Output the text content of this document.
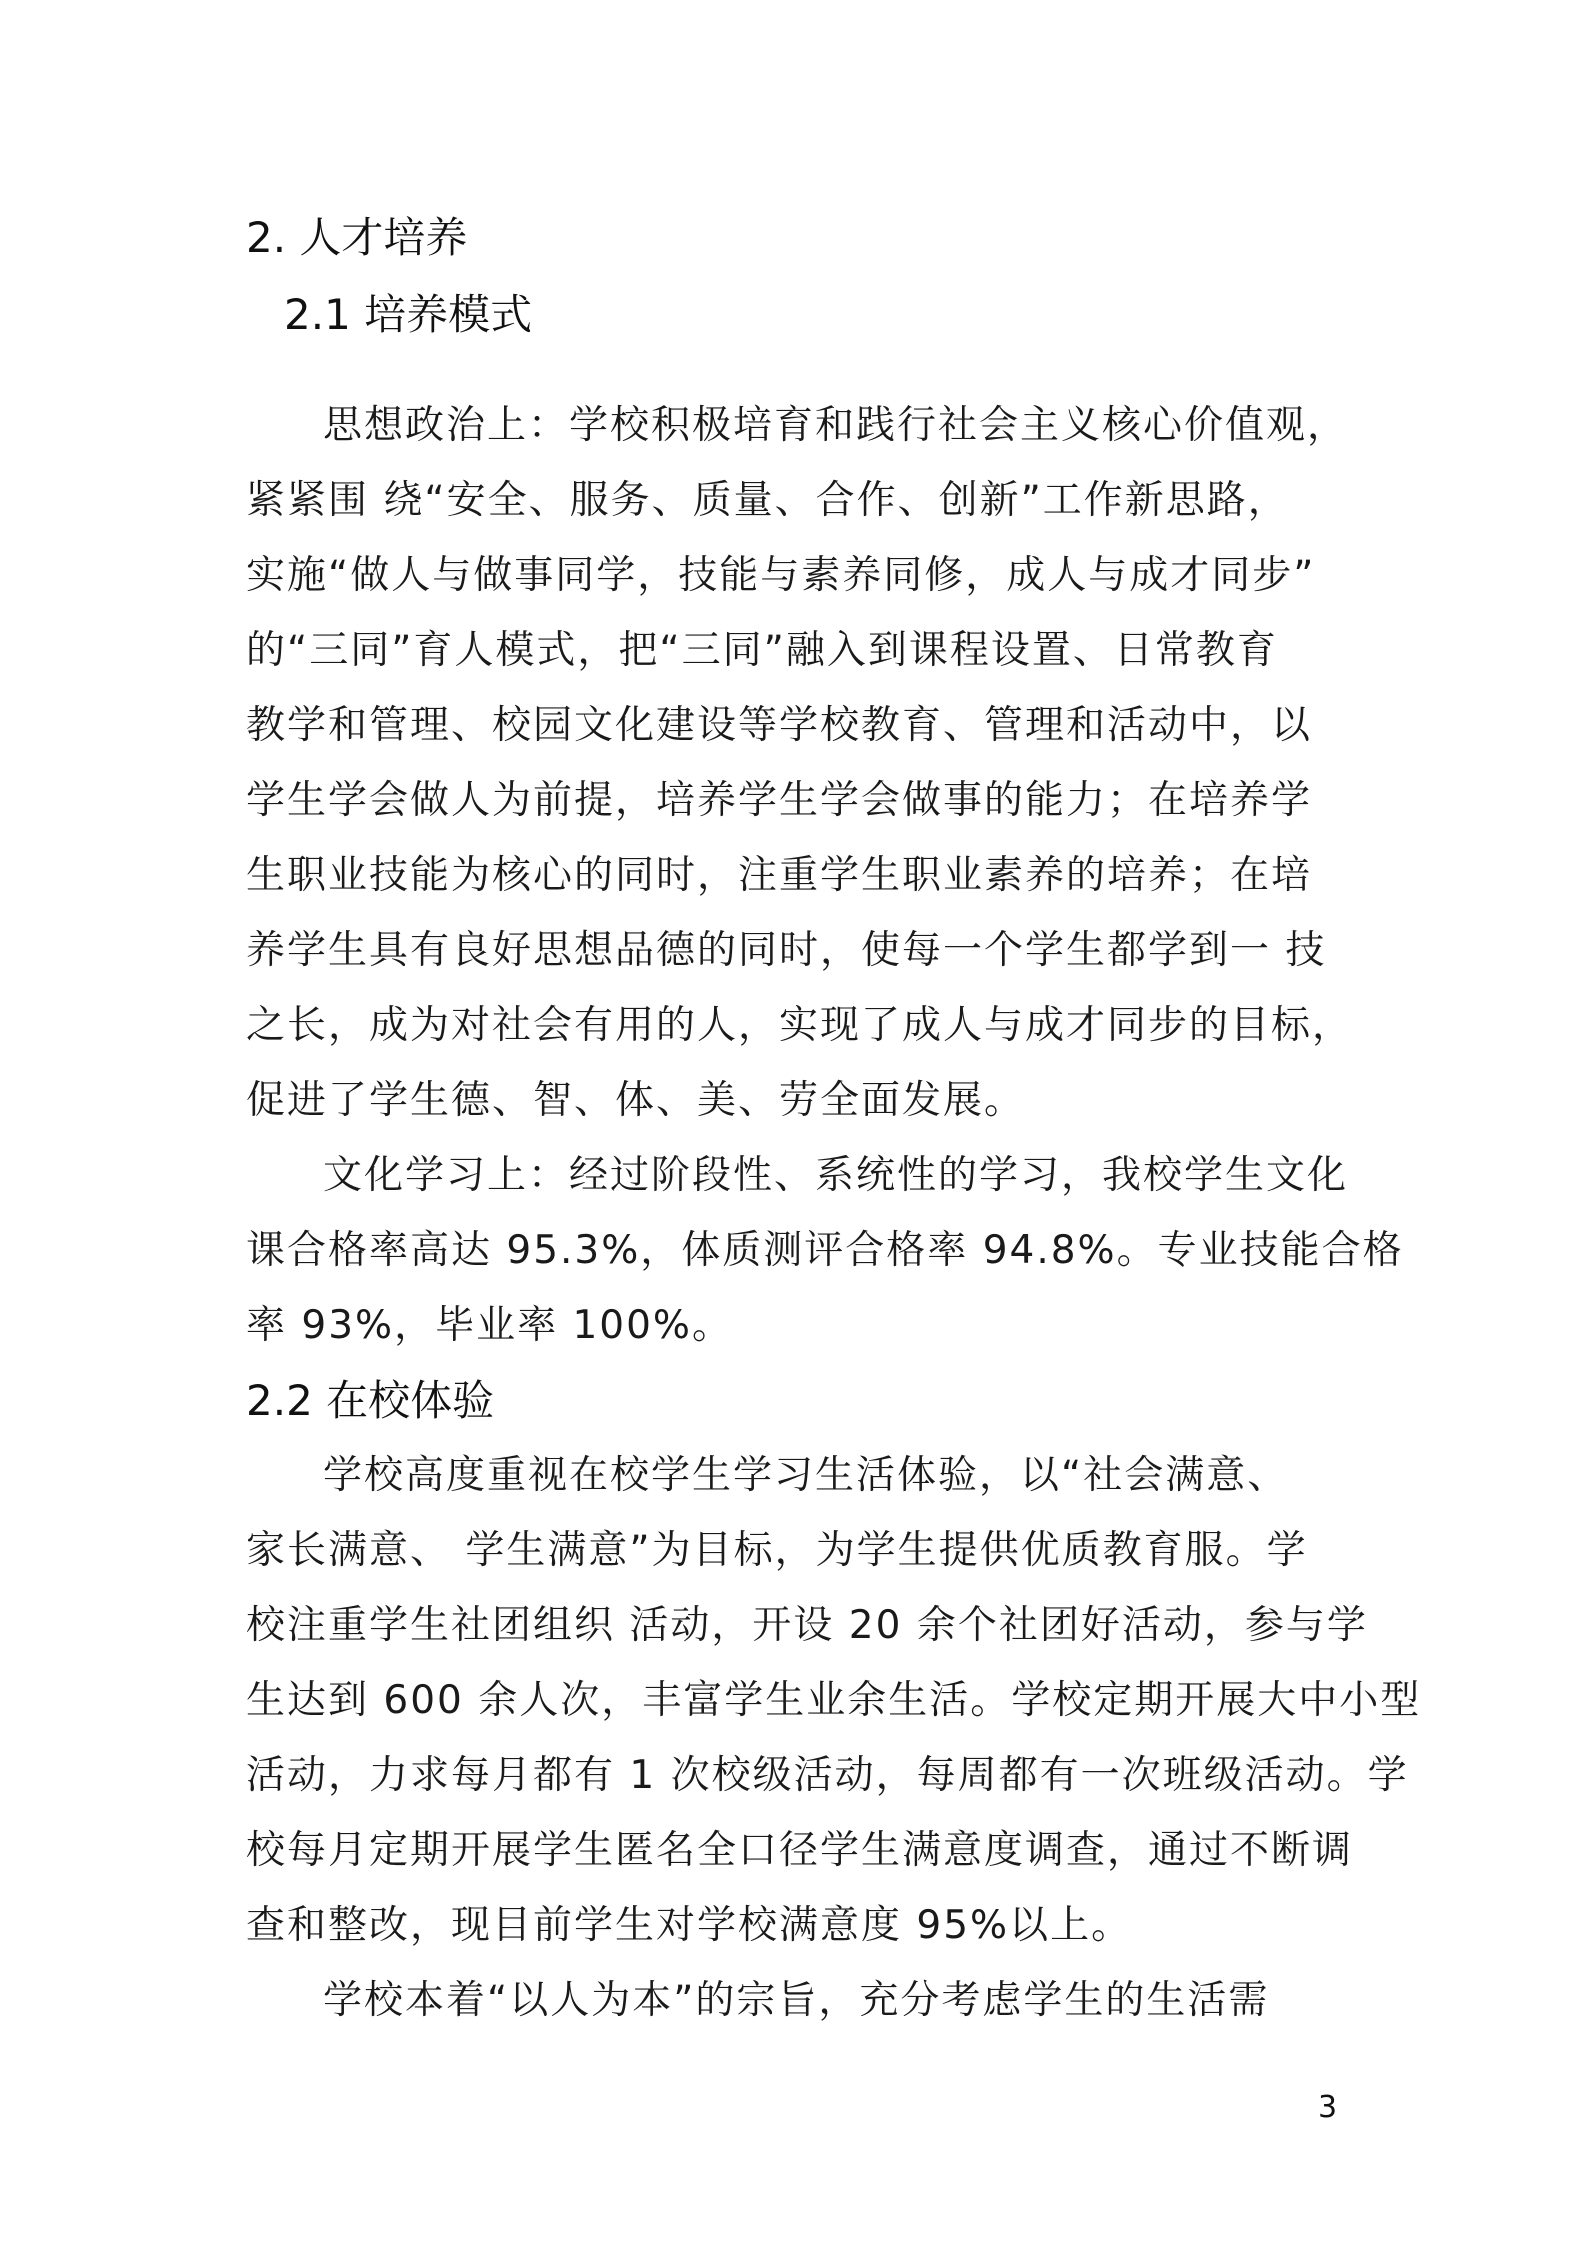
2. 人才培养
2.1 培养模式
思想政治上：学校积极培育和践行社会主义核心价值观，
紧紧围 绕“安全、服务、质量、合作、创新”工作新思路，
实施“做人与做事同学，技能与素养同修，成人与成才同步”
的“三同”育人模式，把“三同”融入到课程设置、日常教育
教学和管理、校园文化建设等学校教育、管理和活动中，以
学生学会做人为前提，培养学生学会做事的能力；在培养学
生职业技能为核心的同时，注重学生职业素养的培养；在培
养学生具有良好思想品德的同时，使每一个学生都学到一 技
之长，成为对社会有用的人，实现了成人与成才同步的目标，
促进了学生德、智、体、美、劳全面发展。
文化学习上：经过阶段性、系统性的学习，我校学生文化
课合格率高达 95.3%，体质测评合格率 94.8%。专业技能合格
率 93%，毕业率 100%。
2.2 在校体验
学校高度重视在校学生学习生活体验，以“社会满意、
家长满意、 学生满意”为目标，为学生提供优质教育服。学
校注重学生社团组织 活动，开设 20 余个社团好活动，参与学
生达到 600 余人次，丰富学生业余生活。学校定期开展大中小型
活动，力求每月都有 1 次校级活动，每周都有一次班级活动。学
校每月定期开展学生匿名全口径学生满意度调查，通过不断调
查和整改，现目前学生对学校满意度 95%以上。
学校本着“以人为本”的宗旨，充分考虑学生的生活需
3
